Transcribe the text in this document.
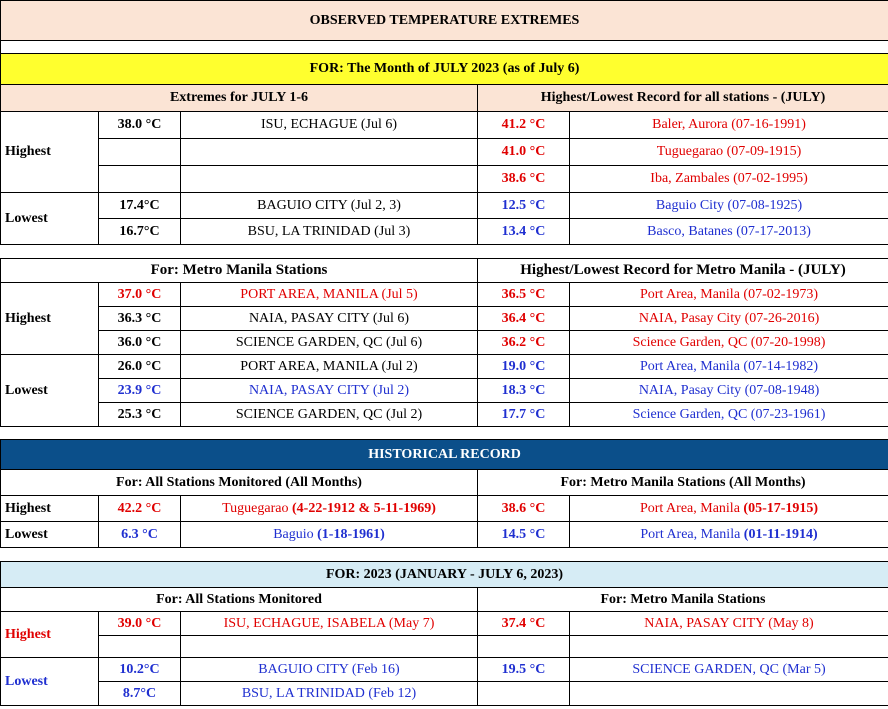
OBSERVED TEMPERATURE EXTREMES

FOR: The Month of JULY 2023 (as of July 6)				
Extremes for JULY 1-6			Highest/Lowest Record for all stations - (JULY)	
Highest	38.0 °C	ISU, ECHAGUE (Jul 6)	41.2 °C	Baler, Aurora (07-16-1991)
			41.0 °C	Tuguegarao (07-09-1915)
			38.6 °C	Iba, Zambales (07-02-1995)
Lowest	17.4°C	BAGUIO CITY (Jul 2, 3)	12.5 °C	Baguio City (07-08-1925)
	16.7°C	BSU, LA TRINIDAD (Jul 3)	13.4 °C	Basco, Batanes (07-17-2013)
For: Metro Manila Stations			Highest/Lowest Record for Metro Manila - (JULY)	
Highest	37.0 °C	PORT AREA, MANILA (Jul 5)	36.5 °C	Port Area, Manila (07-02-1973)
	36.3 °C	NAIA, PASAY CITY (Jul 6)	36.4 °C	NAIA, Pasay City (07-26-2016)
	36.0 °C	SCIENCE GARDEN, QC (Jul 6)	36.2 °C	Science Garden, QC (07-20-1998)
Lowest	26.0 °C	PORT AREA, MANILA (Jul 2)	19.0 °C	Port Area, Manila (07-14-1982)
	23.9 °C	NAIA, PASAY CITY (Jul 2)	18.3 °C	NAIA, Pasay City (07-08-1948)
	25.3 °C	SCIENCE GARDEN, QC (Jul 2)	17.7 °C	Science Garden, QC (07-23-1961)
HISTORICAL RECORD				
For: All Stations Monitored (All Months)			For: Metro Manila Stations (All Months)	
Highest	42.2 °C	Tuguegarao (4-22-1912 & 5-11-1969)	38.6 °C	Port Area, Manila (05-17-1915)
Lowest	6.3 °C	Baguio (1-18-1961)	14.5 °C	Port Area, Manila (01-11-1914)
FOR: 2023 (JANUARY - JULY 6, 2023)				
For: All Stations Monitored			For: Metro Manila Stations	
Highest	39.0 °C	ISU, ECHAGUE, ISABELA (May 7)	37.4 °C	NAIA, PASAY CITY (May 8)

Lowest	10.2°C	BAGUIO CITY (Feb 16)	19.5 °C	SCIENCE GARDEN, QC (Mar 5)
	8.7°C	BSU, LA TRINIDAD (Feb 12)		
